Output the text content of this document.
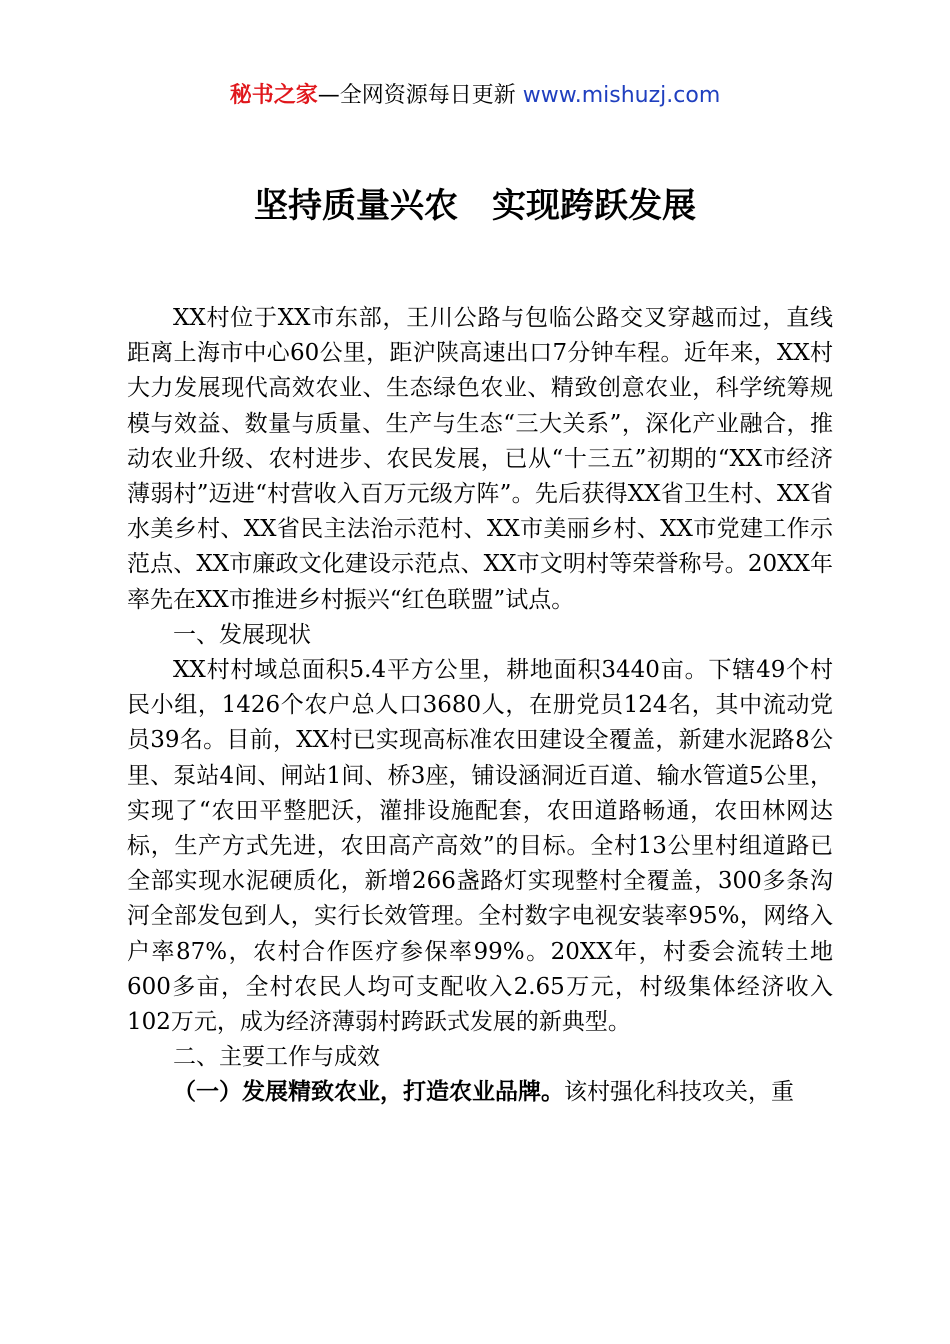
秘书之家—全网资源每日更新 www.mishuzj.com
坚持质量兴农　实现跨跃发展

XX村位于XX市东部，王川公路与包临公路交叉穿越而过，直线距离上海市中心60公里，距沪陕高速出口7分钟车程。近年来，XX村大力发展现代高效农业、生态绿色农业、精致创意农业，科学统筹规模与效益、数量与质量、生产与生态“三大关系”，深化产业融合，推动农业升级、农村进步、农民发展，已从“十三五”初期的“XX市经济薄弱村”迈进“村营收入百万元级方阵”。先后获得XX省卫生村、XX省水美乡村、XX省民主法治示范村、XX市美丽乡村、XX市党建工作示范点、XX市廉政文化建设示范点、XX市文明村等荣誉称号。20XX年率先在XX市推进乡村振兴“红色联盟”试点。

一、发展现状

XX村村域总面积5.4平方公里，耕地面积3440亩。下辖49个村民小组，1426个农户总人口3680人，在册党员124名，其中流动党员39名。目前，XX村已实现高标准农田建设全覆盖，新建水泥路8公里、泵站4间、闸站1间、桥3座，铺设涵洞近百道、输水管道5公里，实现了“农田平整肥沃，灌排设施配套，农田道路畅通，农田林网达标，生产方式先进，农田高产高效”的目标。全村13公里村组道路已全部实现水泥硬质化，新增266盏路灯实现整村全覆盖，300多条沟河全部发包到人，实行长效管理。全村数字电视安装率95%，网络入户率87%，农村合作医疗参保率99%。20XX年，村委会流转土地600多亩，全村农民人均可支配收入2.65万元，村级集体经济收入102万元，成为经济薄弱村跨跃式发展的新典型。

二、主要工作与成效

（一）发展精致农业，打造农业品牌。该村强化科技攻关，重
